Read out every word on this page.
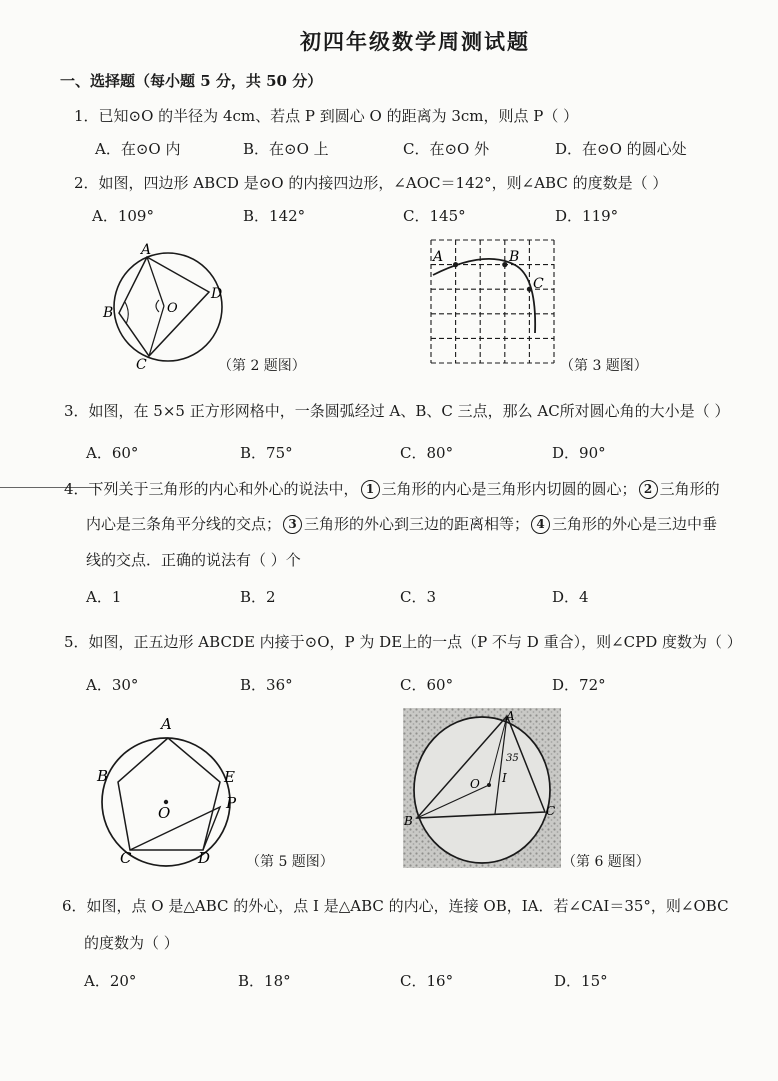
初四年级数学周测试题
一、选择题（每小题 5 分，共 50 分）
1．已知⊙O 的半径为 4cm、若点 P 到圆心 O 的距离为 3cm，则点 P（ ）
A．在⊙O 内	B．在⊙O 上	C．在⊙O 外	D．在⊙O 的圆心处
2．如图，四边形 ABCD 是⊙O 的内接四边形，∠AOC＝142°，则∠ABC 的度数是（ ）
A．109°	B．142°	C．145°	D．119°
A
B
C
D
O
（第 2 题图）
A	B
C
（第 3 题图）
3．如图，在 5×5 正方形网格中，一条圆弧经过 A、B、C 三点，那么 AC所对圆心角的大小是（ ）
A．60°	B．75°	C．80°	D．90°
4．下列关于三角形的内心和外心的说法中， 1 三角形的内心是三角形内切圆的圆心； 2 三角形的
内心是三条角平分线的交点； 3 三角形的外心到三边的距离相等； 4 三角形的外心是三边中垂
线的交点．正确的说法有（ ）个
A．1	B．2	C．3	D．4
5．如图，正五边形 ABCDE 内接于⊙O，P 为 DE上的一点（P 不与 D 重合），则∠CPD 度数为（ ）
A．30°	B．36°	C．60°	D．72°
A
B
C	D
E
P
O
（第 5 题图）
A
B
C
O I
35
（第 6 题图）
6．如图，点 O 是△ABC 的外心，点 I 是△ABC 的内心，连接 OB，IA．若∠CAI＝35°，则∠OBC
的度数为（ ）
A．20°	B．18°	C．16°	D．15°
